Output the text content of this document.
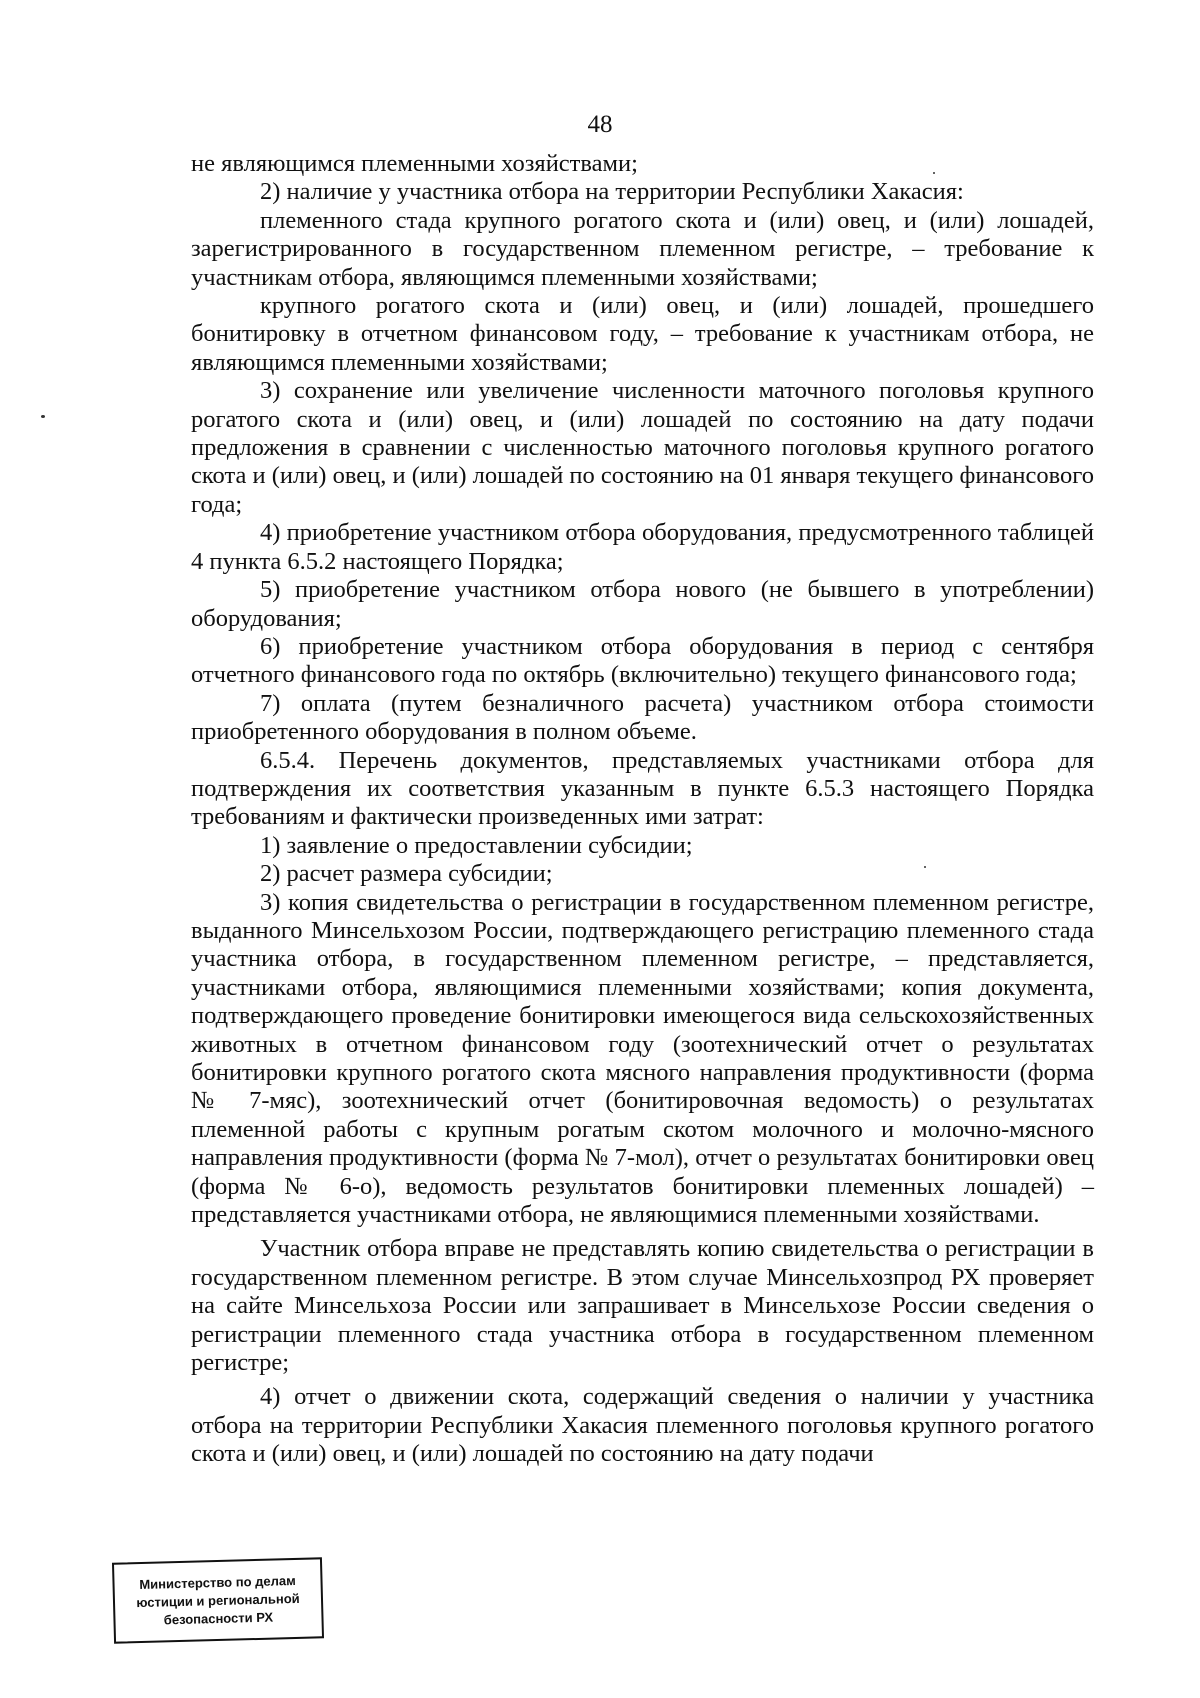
48

не являющимся племенными хозяйствами;

2) наличие у участника отбора на территории Республики Хакасия:

племенного стада крупного рогатого скота и (или) овец, и (или) лошадей, зарегистрированного в государственном племенном регистре, – требование к участникам отбора, являющимся племенными хозяйствами;

крупного рогатого скота и (или) овец, и (или) лошадей, прошедшего бонитировку в отчетном финансовом году, – требование к участникам отбора, не являющимся племенными хозяйствами;

3) сохранение или увеличение численности маточного поголовья крупного рогатого скота и (или) овец, и (или) лошадей по состоянию на дату подачи предложения в сравнении с численностью маточного поголовья крупного рогатого скота и (или) овец, и (или) лошадей по состоянию на 01 января текущего финансового года;

4) приобретение участником отбора оборудования, предусмотренного таблицей 4 пункта 6.5.2 настоящего Порядка;

5) приобретение участником отбора нового (не бывшего в употреблении) оборудования;

6) приобретение участником отбора оборудования в период с сентября отчетного финансового года по октябрь (включительно) текущего финансового года;

7) оплата (путем безналичного расчета) участником отбора стоимости приобретенного оборудования в полном объеме.

6.5.4. Перечень документов, представляемых участниками отбора для подтверждения их соответствия указанным в пункте 6.5.3 настоящего Порядка требованиям и фактически произведенных ими затрат:

1) заявление о предоставлении субсидии;

2) расчет размера субсидии;

3) копия свидетельства о регистрации в государственном племенном регистре, выданного Минсельхозом России, подтверждающего регистрацию племенного стада участника отбора, в государственном племенном регистре, – представляется, участниками отбора, являющимися племенными хозяйствами; копия документа, подтверждающего проведение бонитировки имеющегося вида сельскохозяйственных животных в отчетном финансовом году (зоотехнический отчет о результатах бонитировки крупного рогатого скота мясного направления продуктивности (форма № 7-мяс), зоотехнический отчет (бонитировочная ведомость) о результатах племенной работы с крупным рогатым скотом молочного и молочно-мясного направления продуктивности (форма № 7-мол), отчет о результатах бонитировки овец (форма № 6-о), ведомость результатов бонитировки племенных лошадей) – представляется участниками отбора, не являющимися племенными хозяйствами.

Участник отбора вправе не представлять копию свидетельства о регистрации в государственном племенном регистре. В этом случае Минсельхозпрод РХ проверяет на сайте Минсельхоза России или запрашивает в Минсельхозе России сведения о регистрации племенного стада участника отбора в государственном племенном регистре;

4) отчет о движении скота, содержащий сведения о наличии у участника отбора на территории Республики Хакасия племенного поголовья крупного рогатого скота и (или) овец, и (или) лошадей по состоянию на дату подачи

Министерство по делам
юстиции и региональной
безопасности РХ
